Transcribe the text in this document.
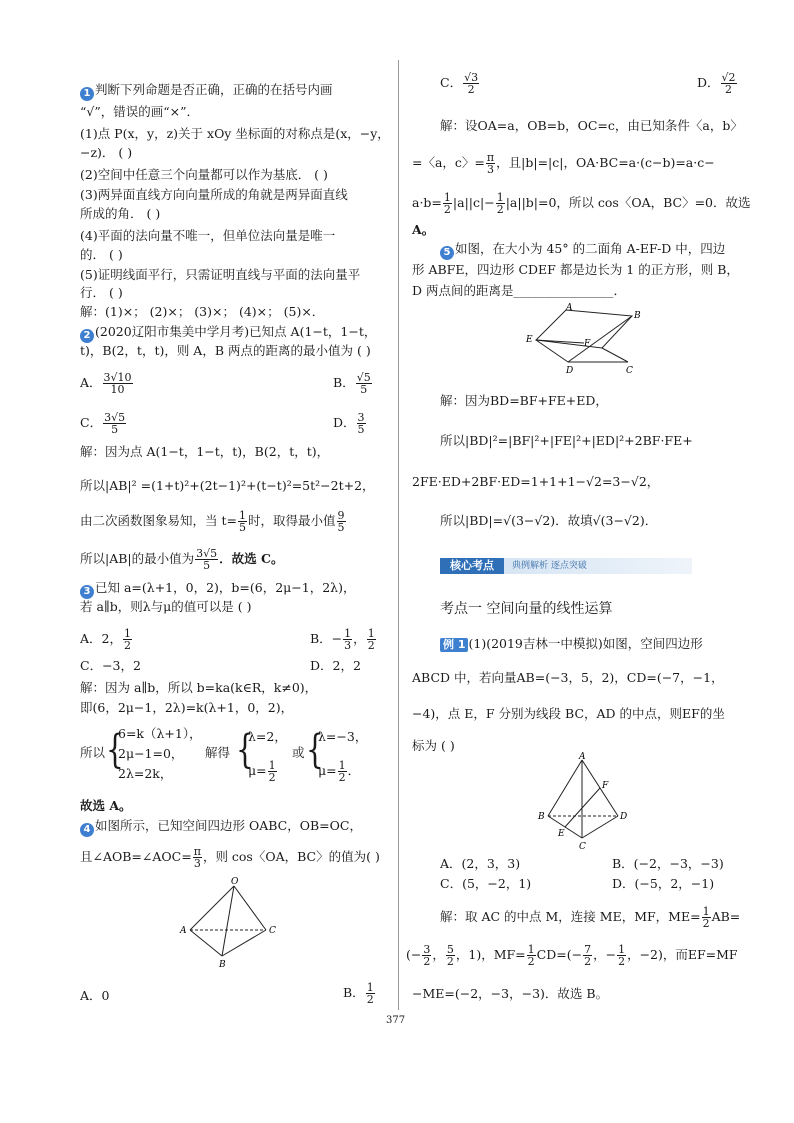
1 判断下列命题是否正确，正确的在括号内画
“√”，错误的画“×”．
(1)点 P(x，y，z)关于 xOy 坐标面的对称点是(x，−y，
−z)． ( )
(2)空间中任意三个向量都可以作为基底． ( )
(3)两异面直线方向向量所成的角就是两异面直线
所成的角． ( )
(4)平面的法向量不唯一，但单位法向量是唯一
的． ( )
(5)证明线面平行，只需证明直线与平面的法向量平
行． ( )
解：(1)×； (2)×； (3)×； (4)×； (5)×．
2 (2020辽阳市集美中学月考)已知点 A(1−t，1−t，
t)，B(2，t，t)，则 A，B 两点的距离的最小值为 ( )
A． $\frac{3√10}{10}$	B． $\frac{√5}{5}$
C． $\frac{3√5}{5}$	D． $\frac{3}{5}$
解：因为点 A(1−t，1−t，t)，B(2，t，t)，
所以|AB|² =(1+t)²+(2t−1)²+(t−t)²=5t²−2t+2，
由二次函数图象易知，当 $t= \frac{1}{5}$ 时，取得最小值 $\frac{9}{5}$
所以|AB|的最小值为 $\frac{3√5}{5}$ ．故选 C。
3 已知 a=(λ+1，0，2)，b=(6，2μ−1，2λ)，
若 a∥b，则λ与μ的值可以是 ( )
A．2， $\frac{1}{2}$	B．− $\frac{1}{3}$ ， $\frac{1}{2}$
C．−3，2	D．2，2
解：因为 a∥b，所以 b=ka(k∈R，k≠0)，
即(6，2μ−1，2λ)=k(λ+1，0，2)，
所以 {
6=k（λ+1），
2μ−1=0，
2λ=2k，
解得 {
λ=2，
$\mu= \frac{1}{2}$
或 {
λ=−3，
$\mu= \frac{1}{2}$ ．
故选 A。
4 如图所示，已知空间四边形 OABC，OB=OC，
且∠AOB=∠AOC= $\frac{\pi}{3}$ ，则 cos〈OA，BC〉的值为( )
O
A	C
B
A．0	B． $\frac{1}{2}$
C． $\frac{√3}{2}$	D． $\frac{√2}{2}$
解：设OA=a，OB=b，OC=c，由已知条件〈a，b〉
=〈a，c〉= $\frac{\pi}{3}$ ，且|b|=|c|，OA·BC=a·(c−b)=a·c−
$a\cdot b= \frac{1}{2} |a||c|- \frac{1}{2} |a||b|=0$，所以 cos〈OA，BC〉=0．故选
A。
5 如图，在大小为 45° 的二面角 A-EF-D 中，四边
形 ABFE，四边形 CDEF 都是边长为 1 的正方形，则 B，
D 两点间的距离是________________．
A
B
E	F
D	C
解：因为BD=BF+FE+ED，
所以|BD|²=|BF|²+|FE|²+|ED|²+2BF·FE+
2FE·ED+2BF·ED=1+1+1−√2=3−√2，
所以|BD|=√(3−√2)．故填√(3−√2)．
核心考点	典例解析 逐点突破
考点一 空间向量的线性运算
例 1 (1)(2019吉林一中模拟)如图，空间四边形
ABCD 中，若向量AB=(−3，5，2)，CD=(−7，−1，
−4)，点 E，F 分别为线段 BC，AD 的中点，则EF的坐
标为 ( )
A
F
B	D
E
C
A．(2，3，3)	B．(−2，−3，−3)
C．(5，−2，1)	D．(−5，2，−1)
解：取 AC 的中点 M，连接 ME，MF，$ME= \frac{1}{2} AB=$
(− $\frac{3}{2}$ ， $\frac{5}{2}$ ，1)，$MF= \frac{1}{2} CD=(- \frac{7}{2}$ ，− $\frac{1}{2}$ ，−2)，而EF=MF
−ME=(−2，−3，−3)．故选 B。
377
